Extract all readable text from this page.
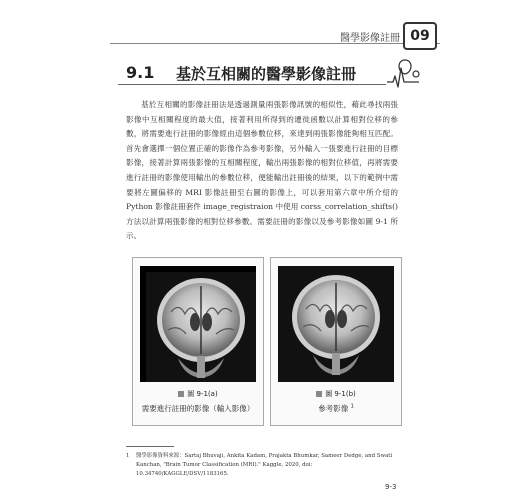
醫學影像註冊 09
9.1 基於互相關的醫學影像註冊

基於互相關的影像註冊法是透過測量兩張影像訊號的相似性，藉此尋找兩張影像中互相關程度的最大值，接著利用所得到的遷徙函數以計算相對位移的參數，將需要進行註冊的影像經由這個參數位移，來達到兩張影像能夠相互匹配。首先會選擇一個位置正確的影像作為參考影像，另外輸入一張要進行註冊的目標影像，接著計算兩張影像的互相關程度，輸出兩張影像的相對位移值，再將需要進行註冊的影像使用輸出的參數位移，便能輸出註冊後的結果，以下的範例中需要將左圖偏移的 MRI 影像註冊至右圖的影像上，可以套用第六章中所介紹的 Python 影像註冊套件 image_registraion 中使用 corss_correlation_shifts() 方法以計算兩張影像的相對位移參數。需要註冊的影像以及參考影像如圖 9-1 所示。

圖 9-1(a)
需要進行註冊的影像（輸入影像）
圖 9-1(b)
參考影像 $^1$
1 醫學影像資料來源：Sartaj Bhuvaji, Ankita Kadam, Prajakta Bhumkar, Sameer Dedge, and Swati Kanchan, "Brain Tumor Classification (MRI)." Kaggle, 2020, doi: 10.34740/KAGGLE/DSV/1183165.
9-3
